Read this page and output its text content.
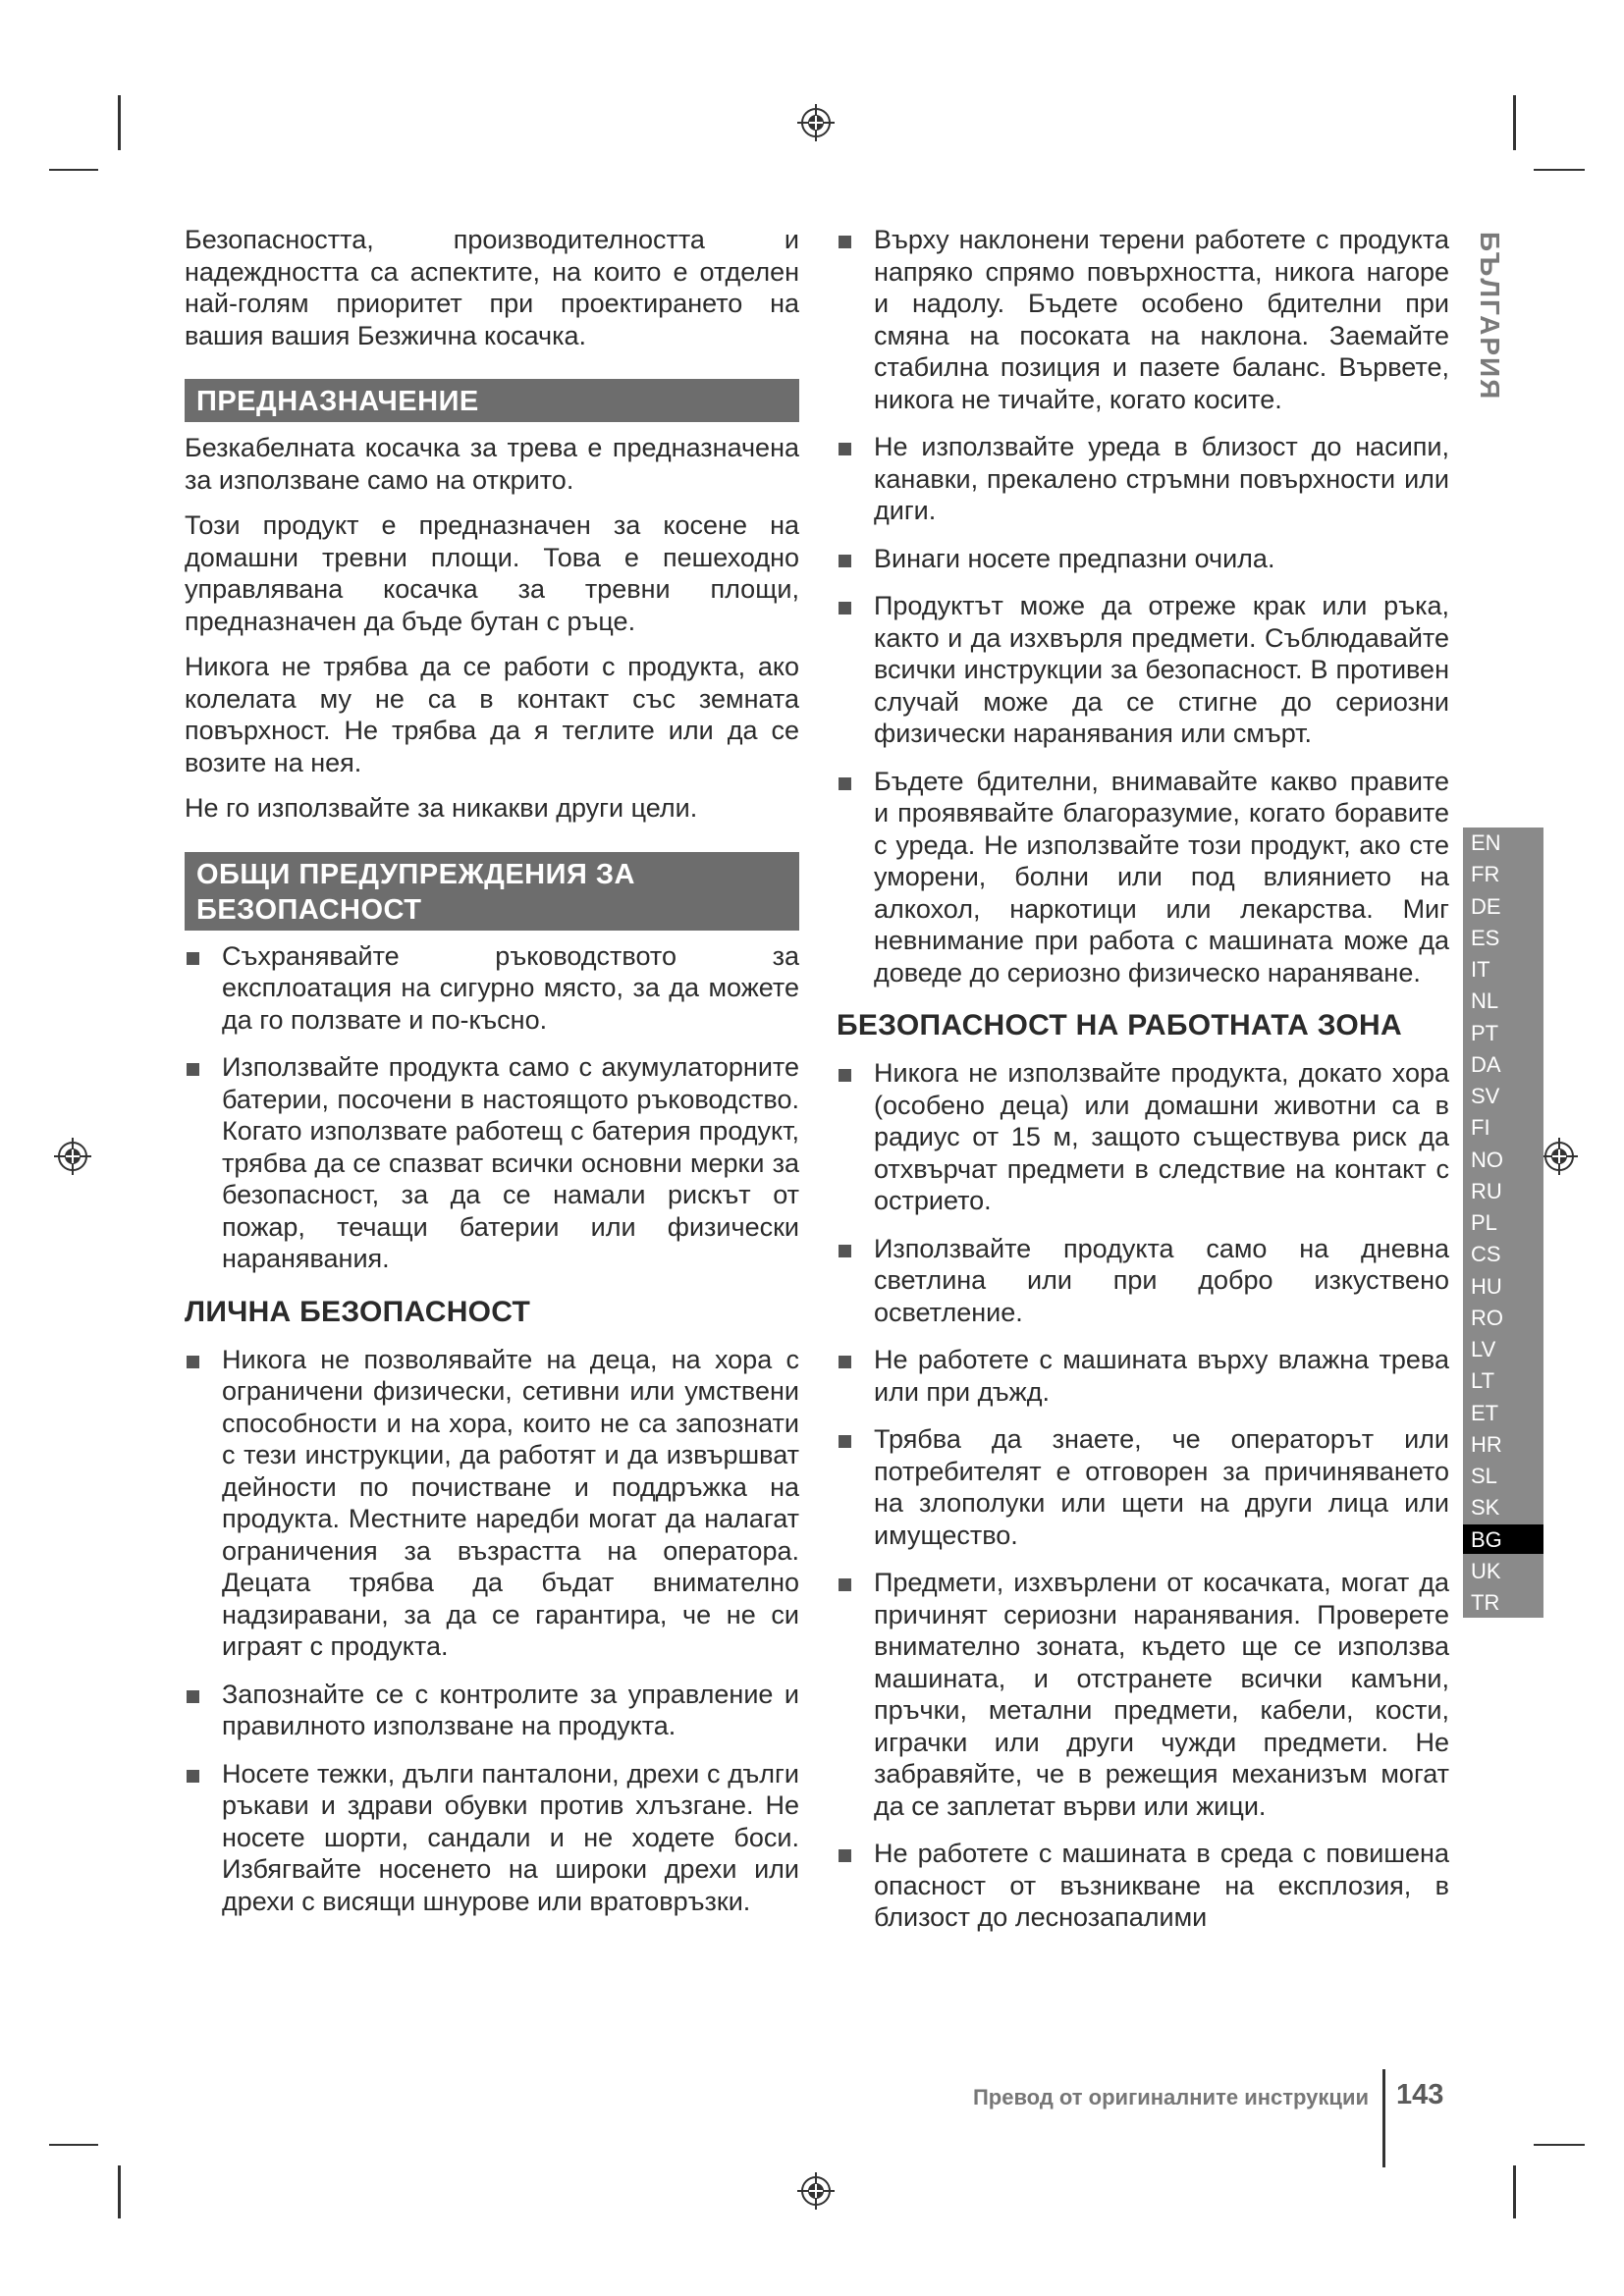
Безопасността, производителността и надеждността са аспектите, на които е отделен най-голям приоритет при проектирането на вашия вашия Безжична косачка.

ПРЕДНАЗНАЧЕНИЕ

Безкабелната косачка за трева е предназначена за използване само на открито.

Този продукт е предназначен за косене на домашни тревни площи. Това е пешеходно управлявана косачка за тревни площи, предназначен да бъде бутан с ръце.

Никога не трябва да се работи с продукта, ако колелата му не са в контакт със земната повърхност. Не трябва да я теглите или да се возите на нея.

Не го използвайте за никакви други цели.

ОБЩИ ПРЕДУПРЕЖДЕНИЯ ЗА
БЕЗОПАСНОСТ
Съхранявайте ръководството за експлоатация на сигурно място, за да можете да го ползвате и по-късно.
Използвайте продукта само с акумулаторните батерии, посочени в настоящото ръководство. Когато използвате работещ с батерия продукт, трябва да се спазват всички основни мерки за безопасност, за да се намали рискът от пожар, течащи батерии или физически наранявания.
ЛИЧНА БЕЗОПАСНОСТ
Никога не позволявайте на деца, на хора с ограничени физически, сетивни или умствени способности и на хора, които не са запознати с тези инструкции, да работят и да извършват дейности по почистване и поддръжка на продукта. Местните наредби могат да налагат ограничения за възрастта на оператора. Децата трябва да бъдат внимателно надзиравани, за да се гарантира, че не си играят с продукта.
Запознайте се с контролите за управление и правилното използване на продукта.
Носете тежки, дълги панталони, дрехи с дълги ръкави и здрави обувки против хлъзгане. Не носете шорти, сандали и не ходете боси. Избягвайте носенето на широки дрехи или дрехи с висящи шнурове или вратовръзки.
Върху наклонени терени работете с продукта напряко спрямо повърхността, никога нагоре и надолу. Бъдете особено бдителни при смяна на посоката на наклона. Заемайте стабилна позиция и пазете баланс. Вървете, никога не тичайте, когато косите.
Не използвайте уреда в близост до насипи, канавки, прекалено стръмни повърхности или диги.
Винаги носете предпазни очила.
Продуктът може да отреже крак или ръка, както и да изхвърля предмети. Съблюдавайте всички инструкции за безопасност. В противен случай може да се стигне до сериозни физически наранявания или смърт.
Бъдете бдителни, внимавайте какво правите и проявявайте благоразумие, когато боравите с уреда. Не използвайте този продукт, ако сте уморени, болни или под влиянието на алкохол, наркотици или лекарства. Миг невнимание при работа с машината може да доведе до сериозно физическо нараняване.
БЕЗОПАСНОСТ НА РАБОТНАТА ЗОНА
Никога не използвайте продукта, докато хора (особено деца) или домашни животни са в радиус от 15 м, защото съществува риск да отхвърчат предмети в следствие на контакт с острието.
Използвайте продукта само на дневна светлина или при добро изкуствено осветление.
Не работете с машината върху влажна трева или при дъжд.
Трябва да знаете, че операторът или потребителят е отговорен за причиняването на злополуки или щети на други лица или имущество.
Предмети, изхвърлени от косачката, могат да причинят сериозни наранявания. Проверете внимателно зоната, където ще се използва машината, и отстранете всички камъни, пръчки, метални предмети, кабели, кости, играчки или други чужди предмети. Не забравяйте, че в режещия механизъм могат да се заплетат върви или жици.
Не работете с машината в среда с повишена опасност от възникване на експлозия, в близост до леснозапалими
БЪЛГАРИЯ
EN
FR
DE
ES
IT
NL
PT
DA
SV
FI
NO
RU
PL
CS
HU
RO
LV
LT
ET
HR
SL
SK
BG
UK
TR
Превод от оригиналните инструкции 143
